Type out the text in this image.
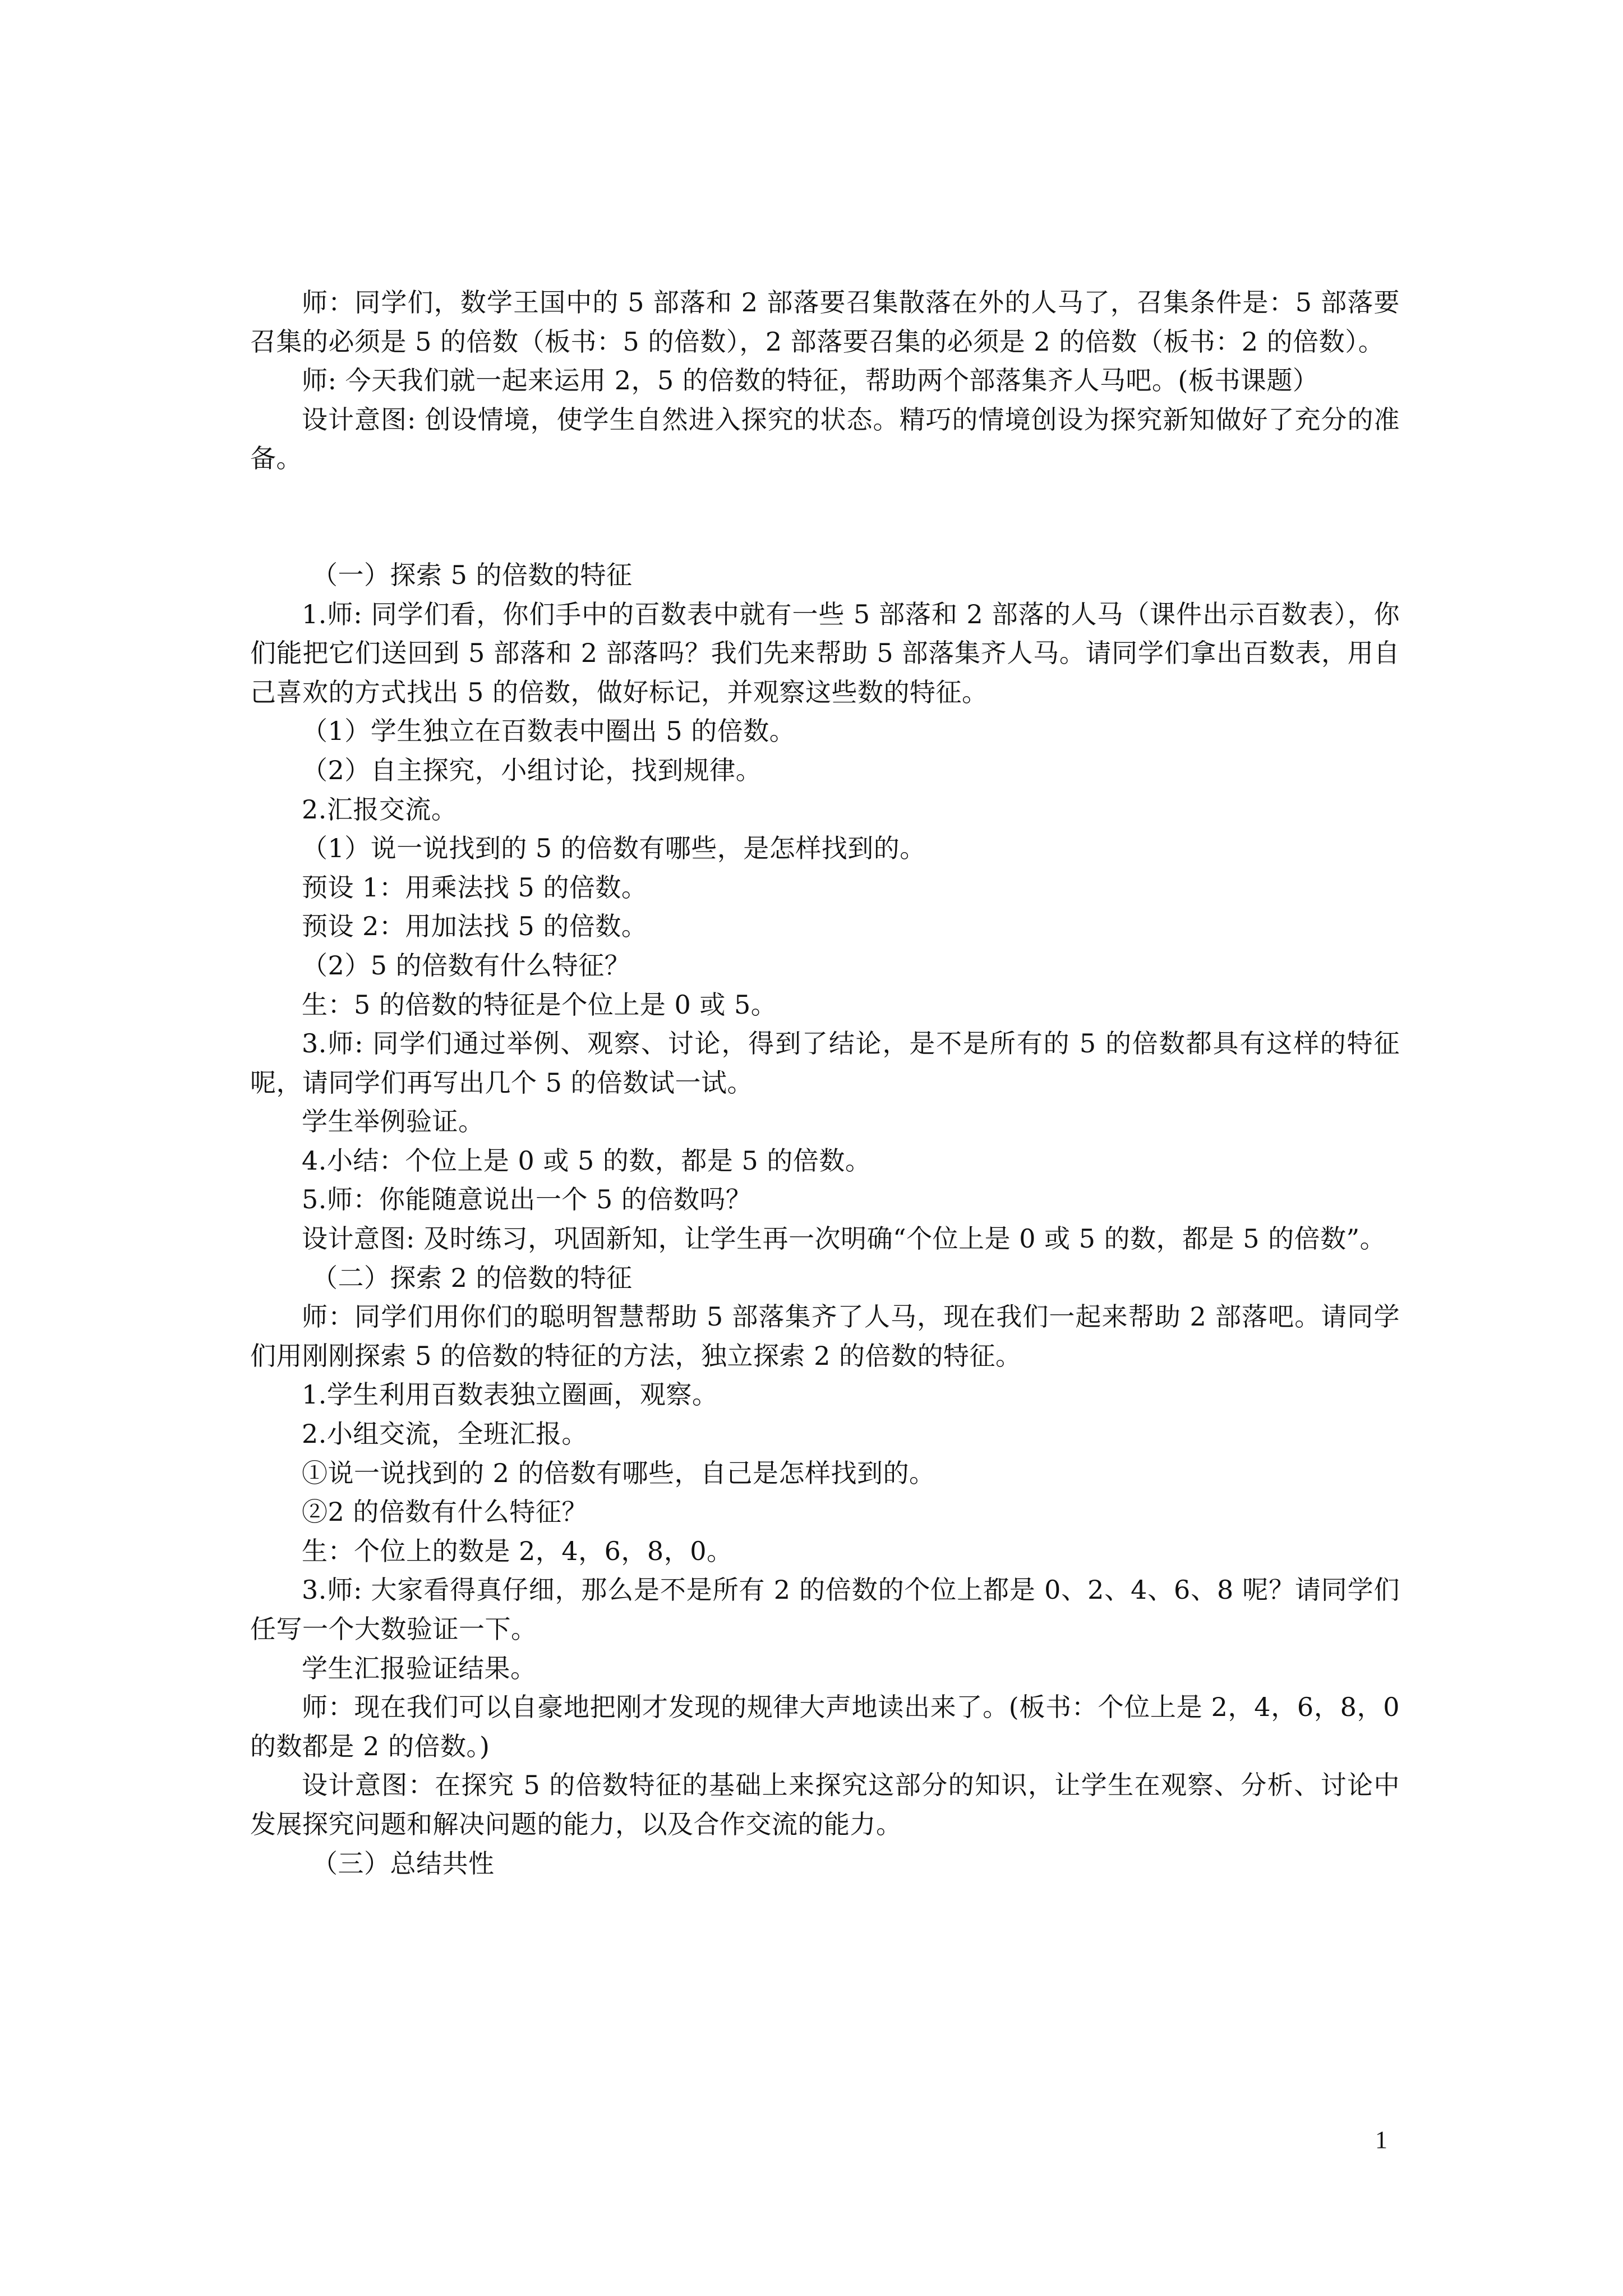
师：同学们，数学王国中的 5 部落和 2 部落要召集散落在外的人马了，召集条件是：5 部落要召集的必须是 5 的倍数（板书：5 的倍数），2 部落要召集的必须是 2 的倍数（板书：2 的倍数）。

师: 今天我们就一起来运用 2，5 的倍数的特征，帮助两个部落集齐人马吧。(板书课题）

设计意图: 创设情境，使学生自然进入探究的状态。精巧的情境创设为探究新知做好了充分的准备。

（一）探索 5 的倍数的特征

1.师: 同学们看，你们手中的百数表中就有一些 5 部落和 2 部落的人马（课件出示百数表），你们能把它们送回到 5 部落和 2 部落吗？我们先来帮助 5 部落集齐人马。请同学们拿出百数表，用自己喜欢的方式找出 5 的倍数，做好标记，并观察这些数的特征。

（1）学生独立在百数表中圈出 5 的倍数。

（2）自主探究，小组讨论，找到规律。

2.汇报交流。

（1）说一说找到的 5 的倍数有哪些，是怎样找到的。

预设 1：用乘法找 5 的倍数。

预设 2：用加法找 5 的倍数。

（2）5 的倍数有什么特征？

生：5 的倍数的特征是个位上是 0 或 5。

3.师: 同学们通过举例、观察、讨论，得到了结论，是不是所有的 5 的倍数都具有这样的特征呢，请同学们再写出几个 5 的倍数试一试。

学生举例验证。

4.小结：个位上是 0 或 5 的数，都是 5 的倍数。

5.师：你能随意说出一个 5 的倍数吗？

设计意图: 及时练习，巩固新知，让学生再一次明确“个位上是 0 或 5 的数，都是 5 的倍数”。

（二）探索 2 的倍数的特征

师：同学们用你们的聪明智慧帮助 5 部落集齐了人马，现在我们一起来帮助 2 部落吧。请同学们用刚刚探索 5 的倍数的特征的方法，独立探索 2 的倍数的特征。

1.学生利用百数表独立圈画，观察。

2.小组交流，全班汇报。

①说一说找到的 2 的倍数有哪些，自己是怎样找到的。

②2 的倍数有什么特征？

生：个位上的数是 2，4，6，8，0。

3.师: 大家看得真仔细，那么是不是所有 2 的倍数的个位上都是 0、2、4、6、8 呢？请同学们任写一个大数验证一下。

学生汇报验证结果。

师：现在我们可以自豪地把刚才发现的规律大声地读出来了。(板书：个位上是 2，4，6，8，0 的数都是 2 的倍数。)

设计意图：在探究 5 的倍数特征的基础上来探究这部分的知识，让学生在观察、分析、讨论中发展探究问题和解决问题的能力，以及合作交流的能力。

（三）总结共性

1
